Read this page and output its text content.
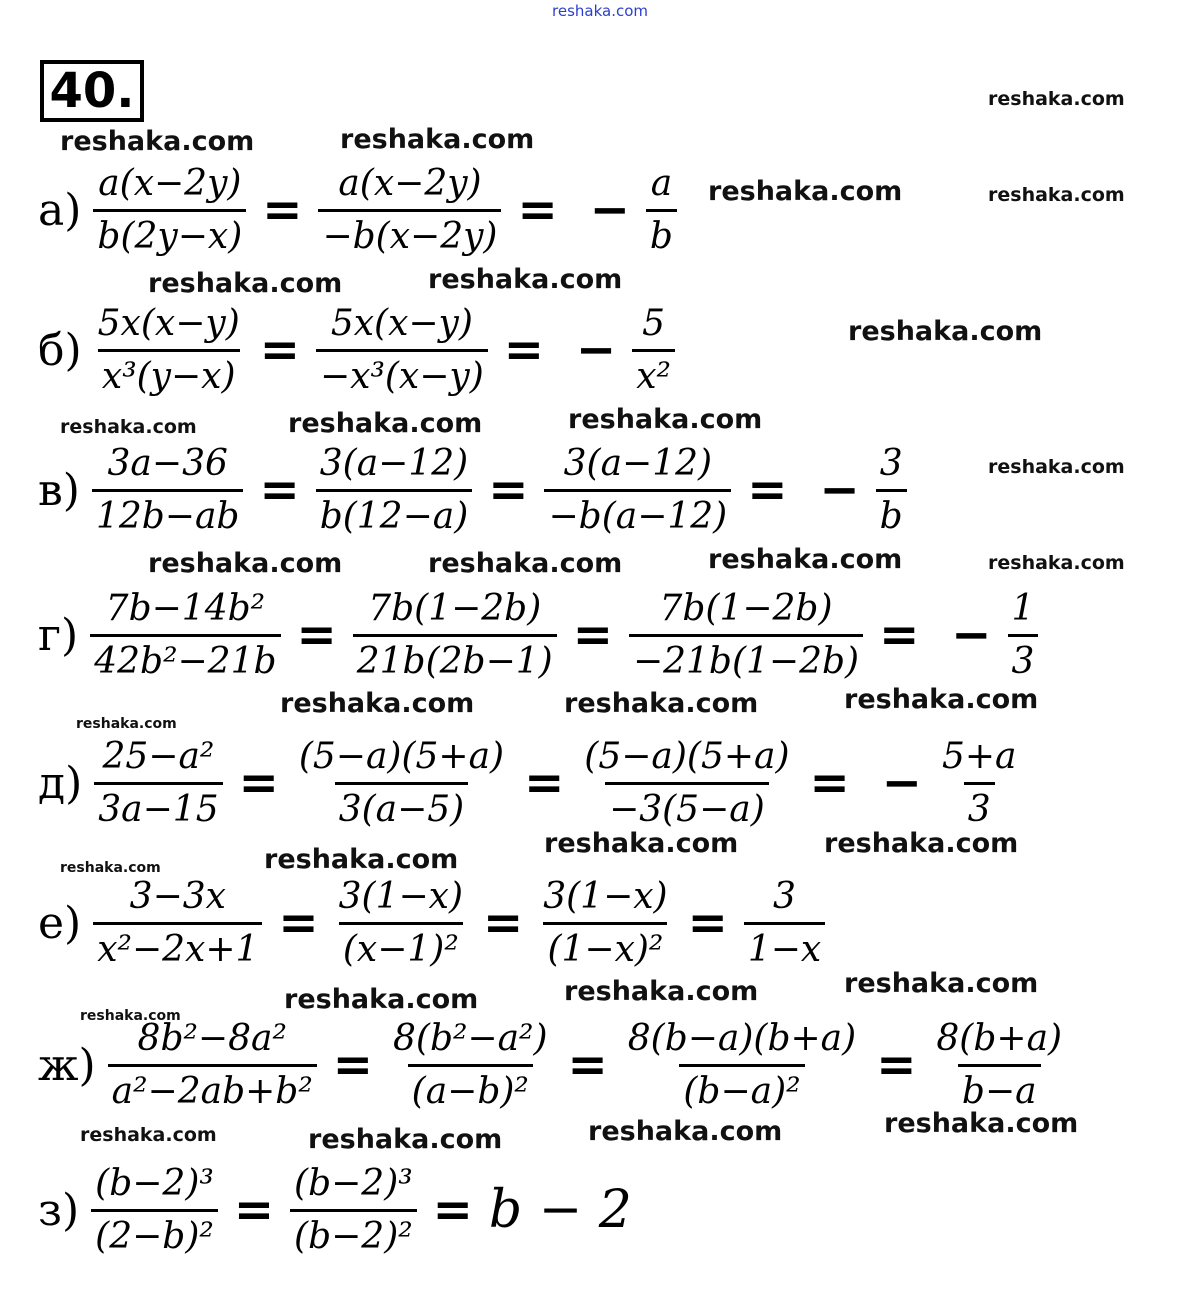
reshaka.com
40.	reshaka.com
reshaka.com	reshaka.com
reshaka.com	reshaka.com
reshaka.com	reshaka.com
reshaka.com
reshaka.com	reshaka.com	reshaka.com
reshaka.com
reshaka.com	reshaka.com	reshaka.com	reshaka.com
reshaka.com	reshaka.com	reshaka.com
reshaka.com
reshaka.com	reshaka.com
reshaka.com
reshaka.com
reshaka.com
reshaka.com
reshaka.com
reshaka.com
reshaka.com
reshaka.com
reshaka.com	reshaka.com
$а) \frac{a(x-2y)}{b(2y-x)} = \frac{a(x-2y)}{-b(x-2y)}$ = − $\frac{a}{b}$
$б) \frac{5x(x-y)}{\text{x³(y−x)}} = \frac{5x(x-y)}{\text{−x³(x−y)}}$ = − $\frac{5}{\text{x²}}$
$в) \frac{3a-36}{12b-ab} = \frac{3(a-12)}{b(12-a)} = \frac{3(a-12)}{-b(a-12)}$ = − $\frac{3}{b}$
$г) \frac{\text{7b−14b²}}{\text{42b²−21b}} = \frac{7b(1-2b)}{21b(2b-1)} = \frac{7b(1-2b)}{-21b(1-2b)}$ = − $\frac{1}{3}$
$д) \frac{\text{25−a²}}{3a-15} = \frac{(5-a)(5+a)}{3(a-5)} = \frac{(5-a)(5+a)}{-3(5-a)}$ = − $\frac{5+a}{3}$
$е) \frac{3-3x}{\text{x²−2x+1}} = \frac{3(1-x)}{\text{(x−1)²}} = \frac{3(1-x)}{\text{(1−x)²}} = \frac{3}{1-x}$
$ж) \frac{\text{8b²−8a²}}{\text{a²−2ab+b²}} = \frac{\text{8(b²−a²)}}{\text{(a−b)²}} = \frac{8(b-a)(b+a)}{\text{(b−a)²}} = \frac{8(b+a)}{b-a}$
$з) \frac{\text{(b−2)³}}{\text{(2−b)²}} = \frac{\text{(b−2)³}}{\text{(b−2)²}} = b - 2$
